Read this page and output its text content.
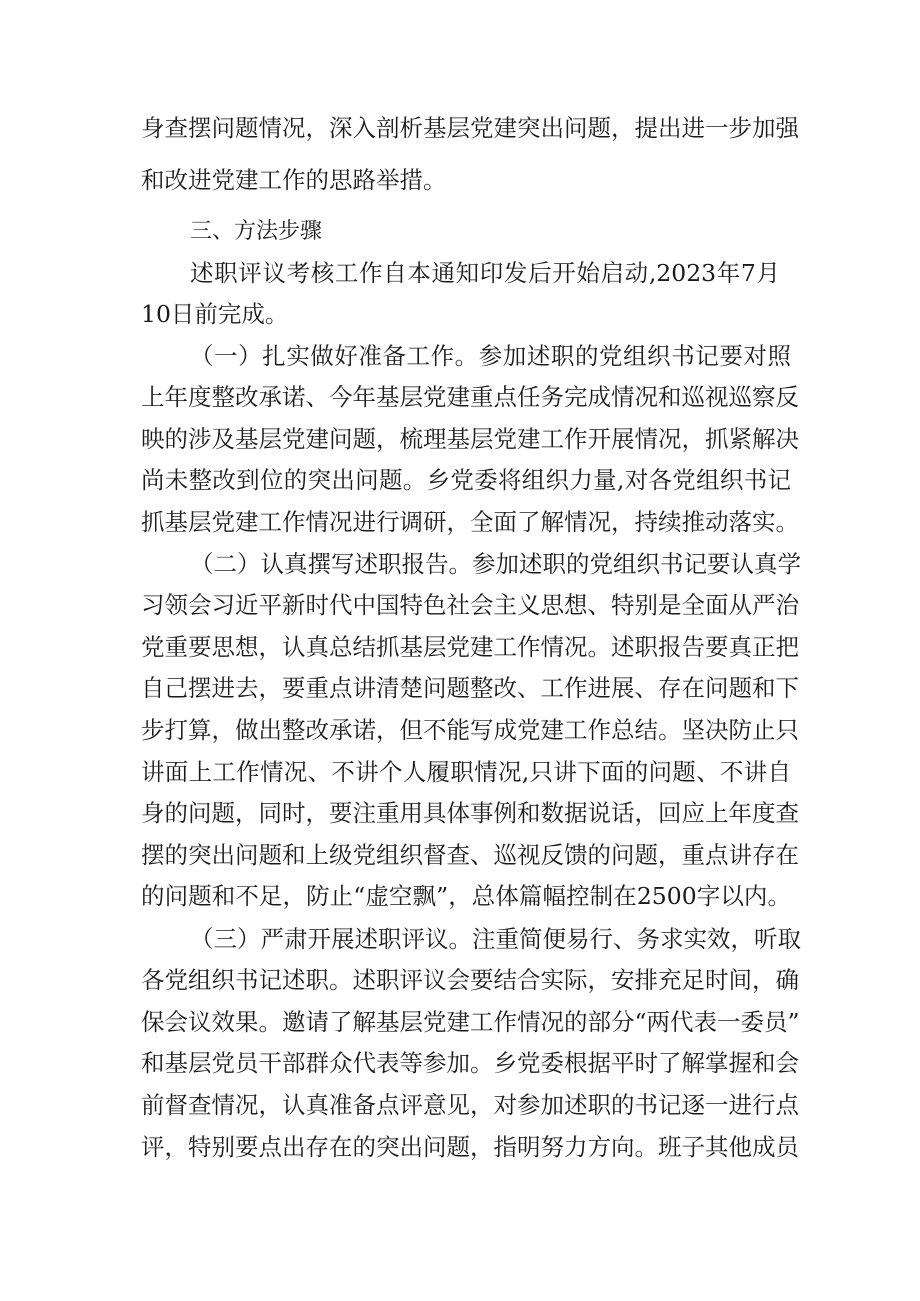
身查摆问题情况，深入剖析基层党建突出问题，提出进一步加强
和改进党建工作的思路举措。
三、方法步骤
述职评议考核工作自本通知印发后开始启动,2023年7月
10日前完成。
（一）扎实做好准备工作。参加述职的党组织书记要对照
上年度整改承诺、今年基层党建重点任务完成情况和巡视巡察反
映的涉及基层党建问题，梳理基层党建工作开展情况，抓紧解决
尚未整改到位的突出问题。乡党委将组织力量,对各党组织书记
抓基层党建工作情况进行调研，全面了解情况，持续推动落实。
（二）认真撰写述职报告。参加述职的党组织书记要认真学
习领会习近平新时代中国特色社会主义思想、特别是全面从严治
党重要思想，认真总结抓基层党建工作情况。述职报告要真正把
自己摆进去，要重点讲清楚问题整改、工作进展、存在问题和下
步打算，做出整改承诺，但不能写成党建工作总结。坚决防止只
讲面上工作情况、不讲个人履职情况,只讲下面的问题、不讲自
身的问题，同时，要注重用具体事例和数据说话，回应上年度查
摆的突出问题和上级党组织督查、巡视反馈的问题，重点讲存在
的问题和不足，防止“虚空飘”，总体篇幅控制在2500字以内。
（三）严肃开展述职评议。注重简便易行、务求实效，听取
各党组织书记述职。述职评议会要结合实际，安排充足时间，确
保会议效果。邀请了解基层党建工作情况的部分“两代表一委员”
和基层党员干部群众代表等参加。乡党委根据平时了解掌握和会
前督查情况，认真准备点评意见，对参加述职的书记逐一进行点
评，特别要点出存在的突出问题，指明努力方向。班子其他成员
